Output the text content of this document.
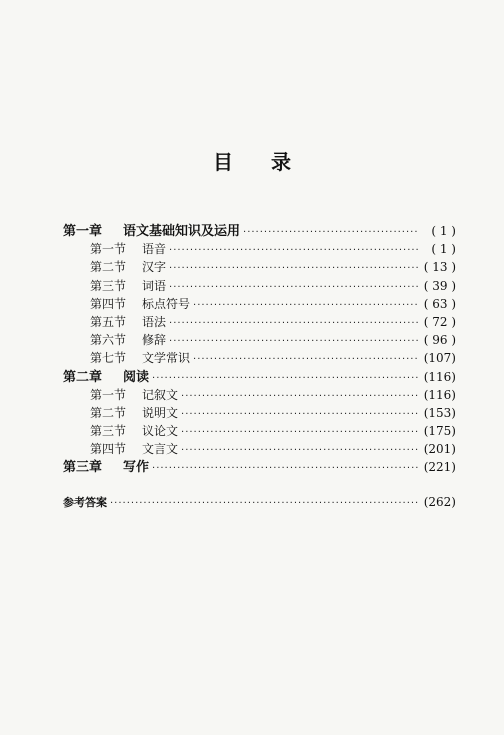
目 录
第一章	语文基础知识及运用 ·····	( 1 )
第一节	语音 ·····	( 1 )
第二节	汉字 ·····	( 13 )
第三节	词语 ·····	( 39 )
第四节	标点符号 ·····	( 63 )
第五节	语法 ·····	( 72 )
第六节	修辞 ·····	( 96 )
第七节	文学常识 ·····	(107)
第二章	阅读 ·····	(116)
第一节	记叙文 ·····	(116)
第二节	说明文 ·····	(153)
第三节	议论文 ·····	(175)
第四节	文言文 ·····	(201)
第三章	写作 ·····	(221)
参考答案 ·····	(262)
